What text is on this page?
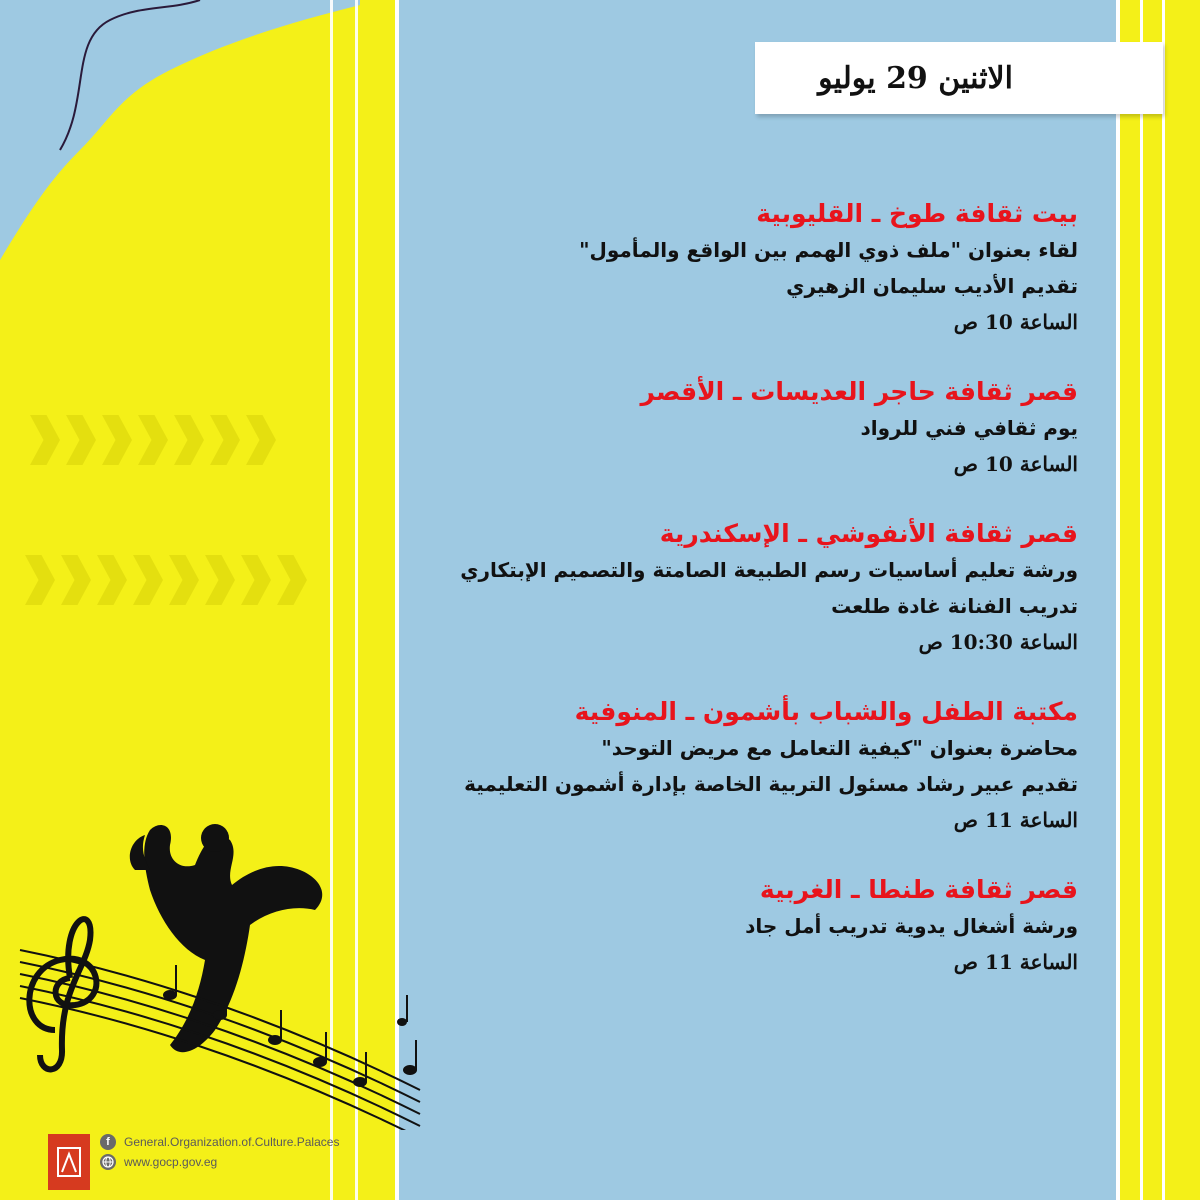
الاثنين 29 يوليو
بيت ثقافة طوخ ـ القليوبية
لقاء بعنوان "ملف ذوي الهمم بين الواقع والمأمول"
تقديم الأديب سليمان الزهيري
الساعة 10 ص
قصر ثقافة حاجر العديسات ـ الأقصر
يوم ثقافي فني للرواد
الساعة 10 ص
قصر ثقافة الأنفوشي ـ الإسكندرية
ورشة تعليم أساسيات رسم الطبيعة الصامتة والتصميم الإبتكاري
تدريب الفنانة غادة طلعت
الساعة 10:30 ص
مكتبة الطفل والشباب بأشمون ـ المنوفية
محاضرة بعنوان "كيفية التعامل مع مريض التوحد"
تقديم عبير رشاد مسئول التربية الخاصة بإدارة أشمون التعليمية
الساعة 11 ص
قصر ثقافة طنطا ـ الغربية
ورشة أشغال يدوية تدريب أمل جاد
الساعة 11 ص
f	General.Organization.of.Culture.Palaces
www.gocp.gov.eg
